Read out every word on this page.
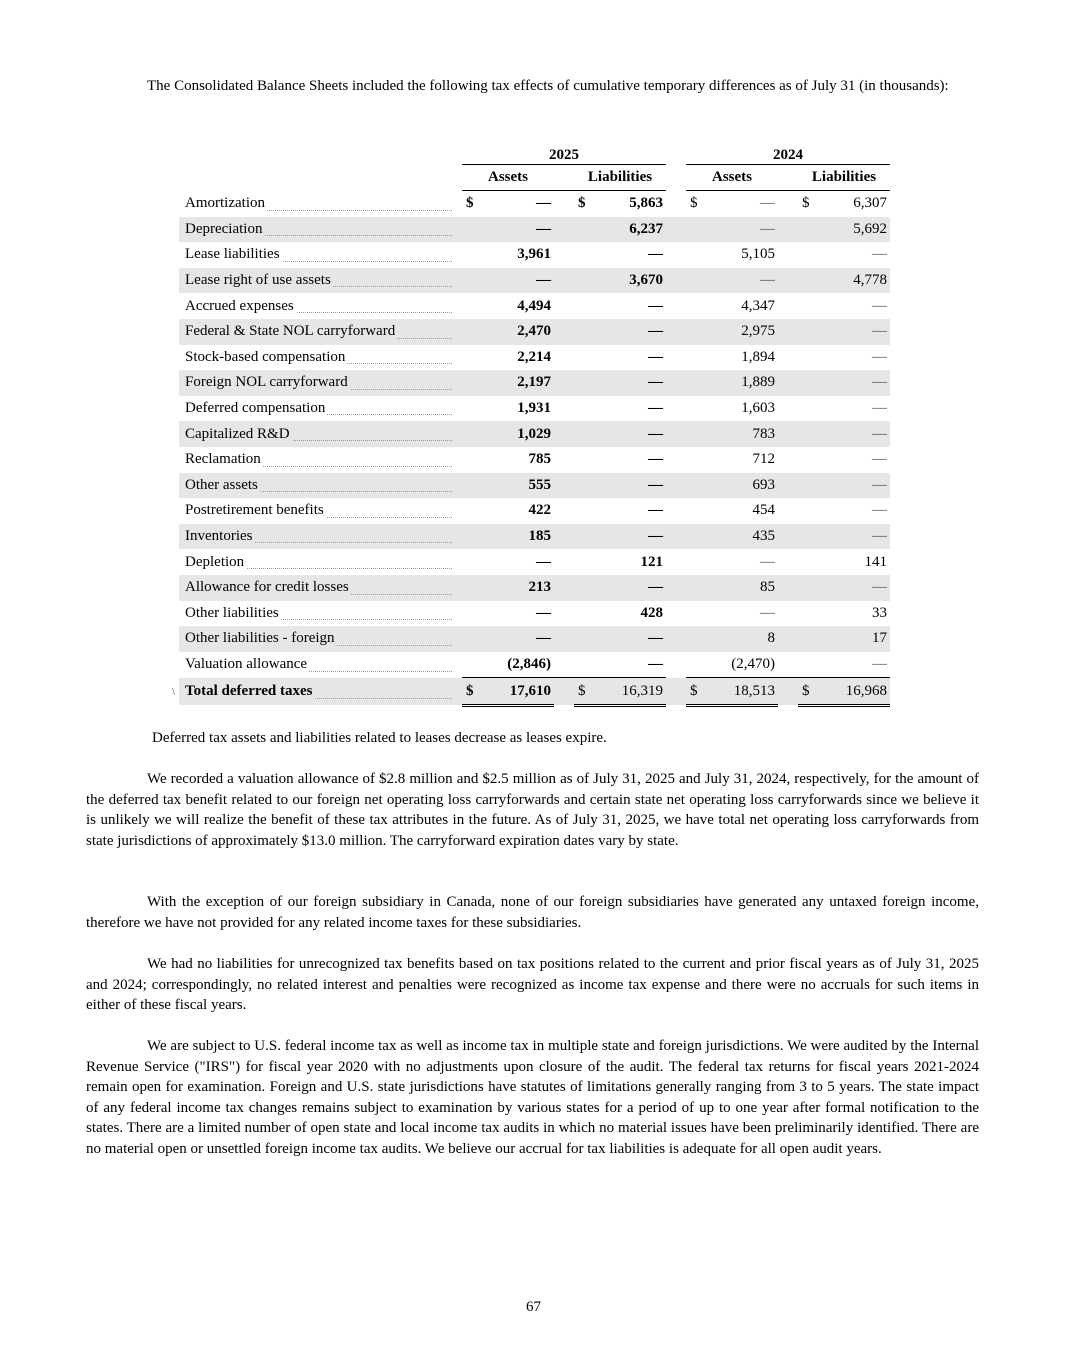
The Consolidated Balance Sheets included the following tax effects of cumulative temporary differences as of July 31 (in thousands):

		2025						2024				
		Assets			Liabilities			Assets			Liabilities	

Amortization		$	—		$	5,863		$	—		$	6,307

Depreciation			—			6,237			—			5,692

Lease liabilities			3,961			—			5,105			—

Lease right of use assets			—			3,670			—			4,778

Accrued expenses			4,494			—			4,347			—

Federal & State NOL carryforward			2,470			—			2,975			—

Stock-based compensation			2,214			—			1,894			—

Foreign NOL carryforward			2,197			—			1,889			—

Deferred compensation			1,931			—			1,603			—

Capitalized R&D			1,029			—			783			—

Reclamation			785			—			712			—

Other assets			555			—			693			—

Postretirement benefits			422			—			454			—

Inventories			185			—			435			—

Depletion			—			121			—			141

Allowance for credit losses			213			—			85			—

Other liabilities			—			428			—			33

Other liabilities - foreign			—			—			8			17

Valuation allowance			(2,846)			—			(2,470)			—

\ Total deferred taxes		$	17,610		$	16,319		$	18,513		$	16,968

Deferred tax assets and liabilities related to leases decrease as leases expire.

We recorded a valuation allowance of $2.8 million and $2.5 million as of July 31, 2025 and July 31, 2024, respectively, for the amount of the deferred tax benefit related to our foreign net operating loss carryforwards and certain state net operating loss carryforwards since we believe it is unlikely we will realize the benefit of these tax attributes in the future. As of July 31, 2025, we have total net operating loss carryforwards from state jurisdictions of approximately $13.0 million. The carryforward expiration dates vary by state.

With the exception of our foreign subsidiary in Canada, none of our foreign subsidiaries have generated any untaxed foreign income, therefore we have not provided for any related income taxes for these subsidiaries.

We had no liabilities for unrecognized tax benefits based on tax positions related to the current and prior fiscal years as of July 31, 2025 and 2024; correspondingly, no related interest and penalties were recognized as income tax expense and there were no accruals for such items in either of these fiscal years.

We are subject to U.S. federal income tax as well as income tax in multiple state and foreign jurisdictions. We were audited by the Internal Revenue Service ("IRS") for fiscal year 2020 with no adjustments upon closure of the audit. The federal tax returns for fiscal years 2021-2024 remain open for examination. Foreign and U.S. state jurisdictions have statutes of limitations generally ranging from 3 to 5 years. The state impact of any federal income tax changes remains subject to examination by various states for a period of up to one year after formal notification to the states. There are a limited number of open state and local income tax audits in which no material issues have been preliminarily identified. There are no material open or unsettled foreign income tax audits. We believe our accrual for tax liabilities is adequate for all open audit years.

67
